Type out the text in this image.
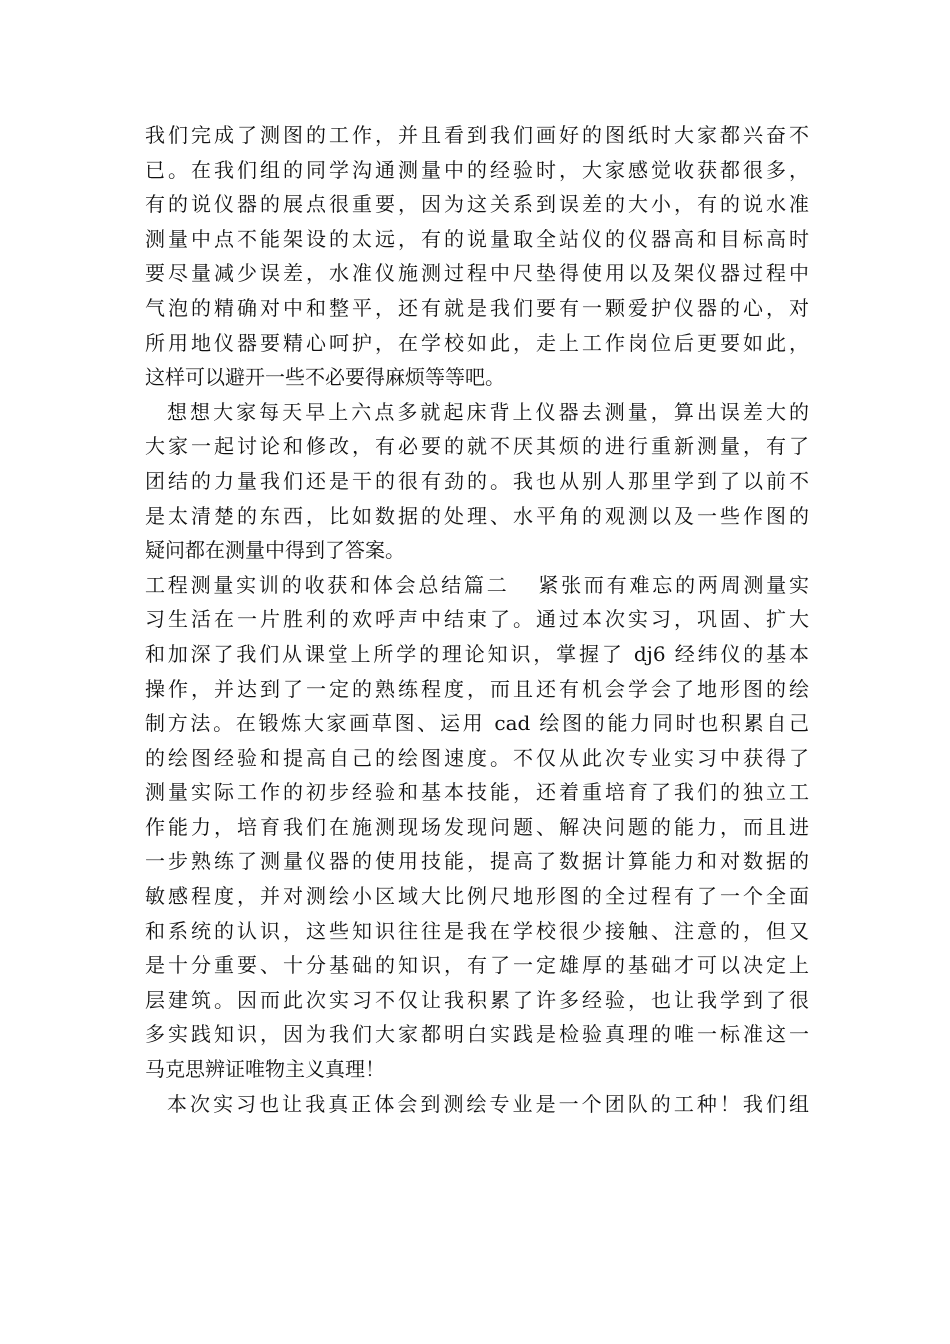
我们完成了测图的工作，并且看到我们画好的图纸时大家都兴奋不
已。在我们组的同学沟通测量中的经验时，大家感觉收获都很多，
有的说仪器的展点很重要，因为这关系到误差的大小，有的说水准
测量中点不能架设的太远，有的说量取全站仪的仪器高和目标高时
要尽量减少误差，水准仪施测过程中尺垫得使用以及架仪器过程中
气泡的精确对中和整平，还有就是我们要有一颗爱护仪器的心，对
所用地仪器要精心呵护，在学校如此，走上工作岗位后更要如此，
这样可以避开一些不必要得麻烦等等吧。
想想大家每天早上六点多就起床背上仪器去测量，算出误差大的
大家一起讨论和修改，有必要的就不厌其烦的进行重新测量，有了
团结的力量我们还是干的很有劲的。我也从别人那里学到了以前不
是太清楚的东西，比如数据的处理、水平角的观测以及一些作图的
疑问都在测量中得到了答案。
工程测量实训的收获和体会总结篇二 紧张而有难忘的两周测量实
习生活在一片胜利的欢呼声中结束了。通过本次实习，巩固、扩大
和加深了我们从课堂上所学的理论知识，掌握了 dj6 经纬仪的基本
操作，并达到了一定的熟练程度，而且还有机会学会了地形图的绘
制方法。在锻炼大家画草图、运用 cad 绘图的能力同时也积累自己
的绘图经验和提高自己的绘图速度。不仅从此次专业实习中获得了
测量实际工作的初步经验和基本技能，还着重培育了我们的独立工
作能力，培育我们在施测现场发现问题、解决问题的能力，而且进
一步熟练了测量仪器的使用技能，提高了数据计算能力和对数据的
敏感程度，并对测绘小区域大比例尺地形图的全过程有了一个全面
和系统的认识，这些知识往往是我在学校很少接触、注意的，但又
是十分重要、十分基础的知识，有了一定雄厚的基础才可以决定上
层建筑。因而此次实习不仅让我积累了许多经验，也让我学到了很
多实践知识，因为我们大家都明白实践是检验真理的唯一标准这一
马克思辨证唯物主义真理！
本次实习也让我真正体会到测绘专业是一个团队的工种！我们组
